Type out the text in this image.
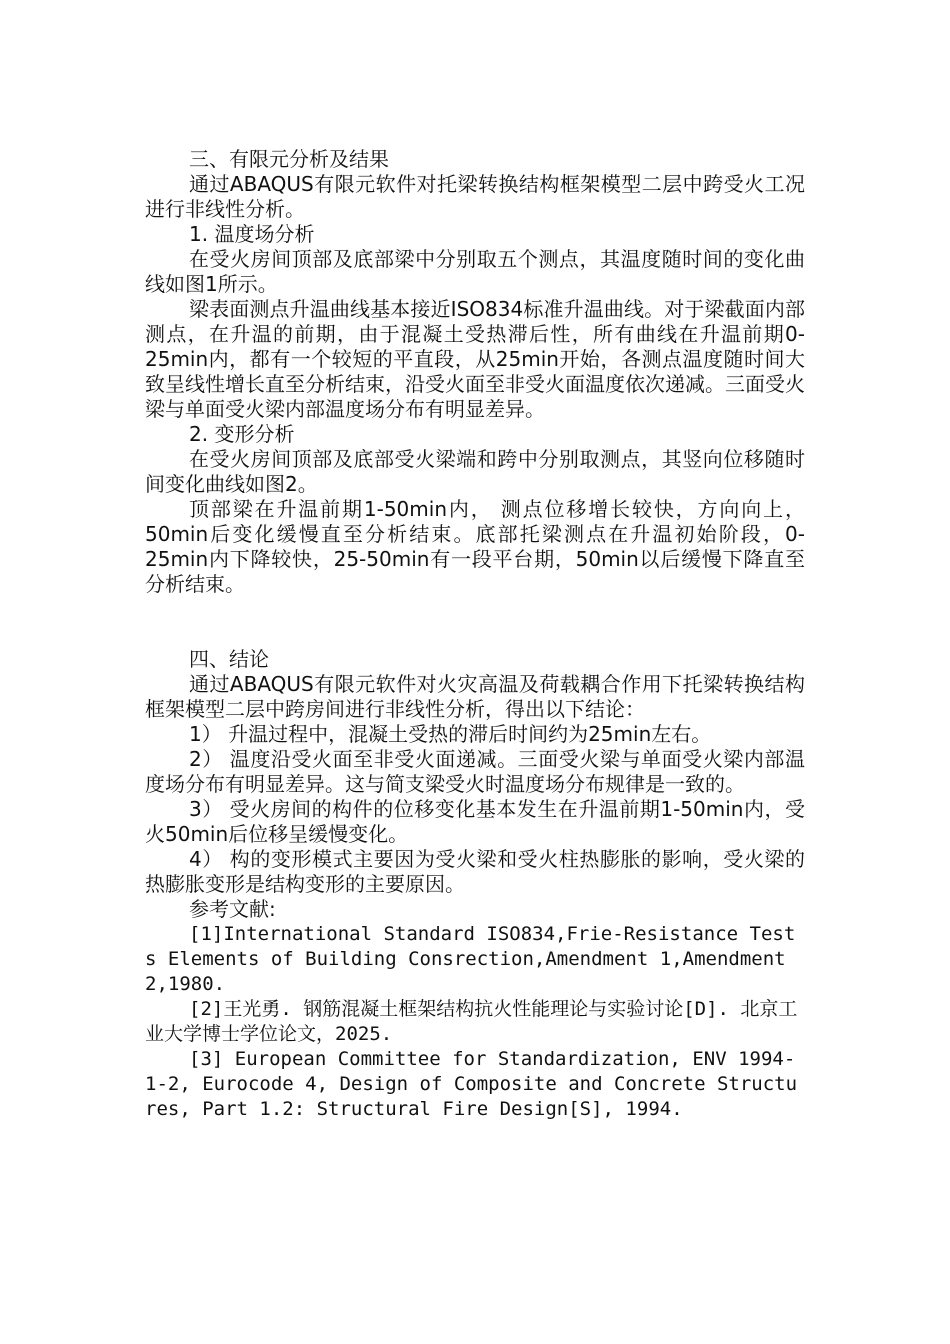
三、有限元分析及结果

通过ABAQUS有限元软件对托梁转换结构框架模型二层中跨受火工况进行非线性分析。

1. 温度场分析

在受火房间顶部及底部梁中分别取五个测点，其温度随时间的变化曲线如图1所示。

梁表面测点升温曲线基本接近ISO834标准升温曲线。对于梁截面内部测点，在升温的前期，由于混凝土受热滞后性，所有曲线在升温前期0-25min内，都有一个较短的平直段，从25min开始，各测点温度随时间大致呈线性增长直至分析结束，沿受火面至非受火面温度依次递减。三面受火梁与单面受火梁内部温度场分布有明显差异。

2. 变形分析

在受火房间顶部及底部受火梁端和跨中分别取测点，其竖向位移随时间变化曲线如图2。

顶部梁在升温前期1-50min内， 测点位移增长较快，方向向上，50min后变化缓慢直至分析结束。底部托梁测点在升温初始阶段，0-25min内下降较快，25-50min有一段平台期，50min以后缓慢下降直至分析结束。

四、结论

通过ABAQUS有限元软件对火灾高温及荷载耦合作用下托梁转换结构框架模型二层中跨房间进行非线性分析，得出以下结论：

1） 升温过程中，混凝土受热的滞后时间约为25min左右。

2） 温度沿受火面至非受火面递减。三面受火梁与单面受火梁内部温度场分布有明显差异。这与简支梁受火时温度场分布规律是一致的。

3） 受火房间的构件的位移变化基本发生在升温前期1-50min内，受火50min后位移呈缓慢变化。

4） 构的变形模式主要因为受火梁和受火柱热膨胀的影响，受火梁的热膨胀变形是结构变形的主要原因。

参考文献:

[1]International Standard ISO834,Frie-Resistance Tests Elements of Building Consrection,Amendment 1,Amendment2,1980.

[2]王光勇. 钢筋混凝土框架结构抗火性能理论与实验讨论[D]. 北京工业大学博士学位论文，2025.

[3] European Committee for Standardization, ENV 1994-1-2, Eurocode 4, Design of Composite and Concrete Structures, Part 1.2: Structural Fire Design[S], 1994.
